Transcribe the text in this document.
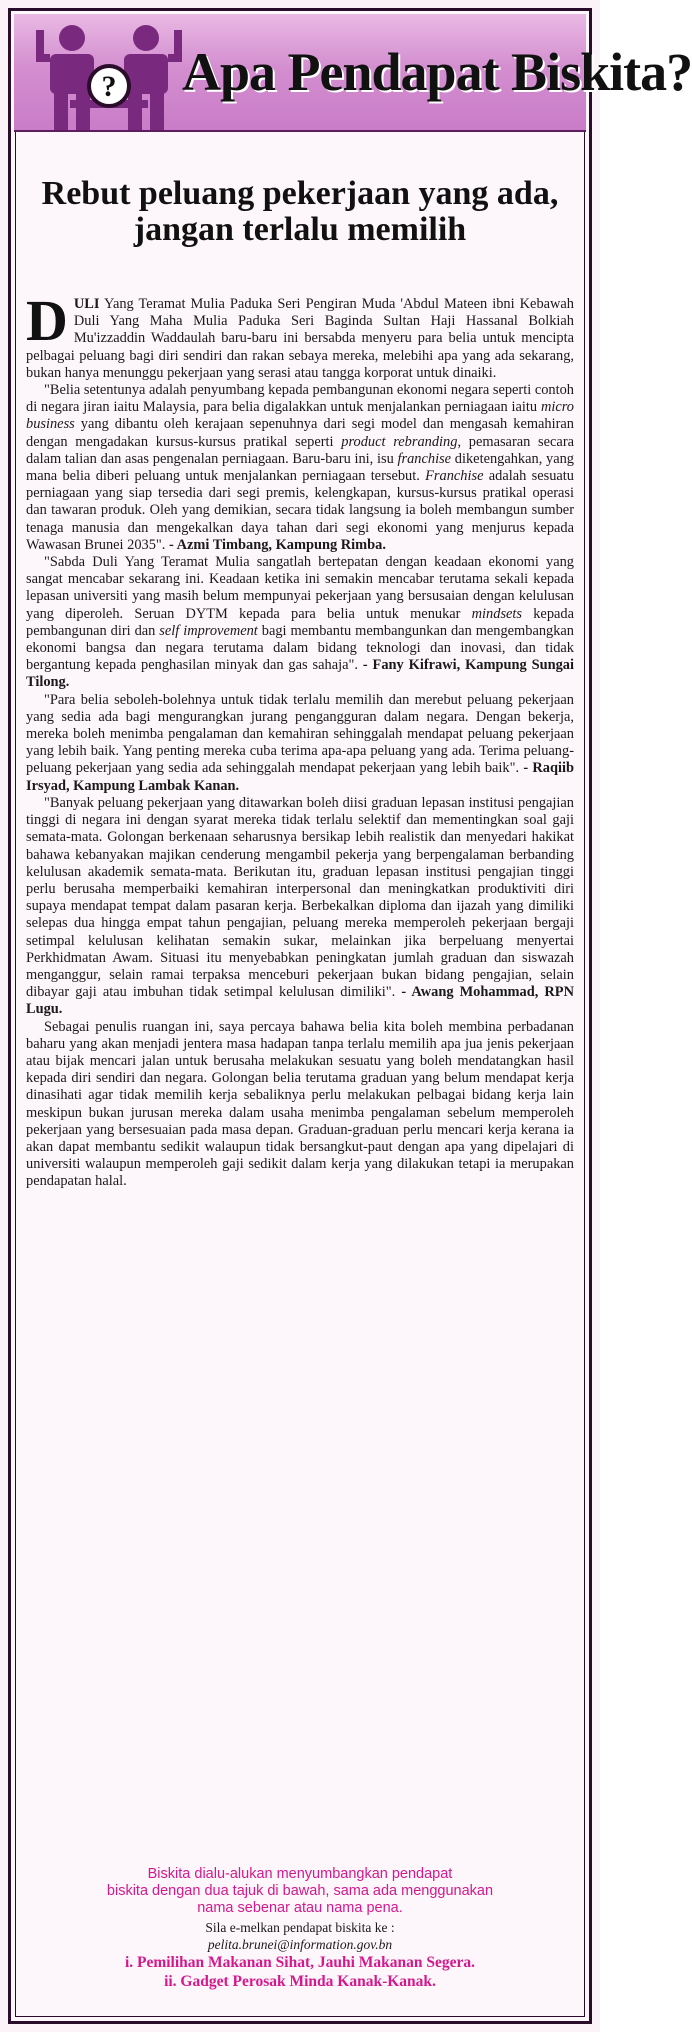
? Apa Pendapat Biskita?
Rebut peluang pekerjaan yang ada, jangan terlalu memilih

DULI Yang Teramat Mulia Paduka Seri Pengiran Muda 'Abdul Mateen ibni Kebawah Duli Yang Maha Mulia Paduka Seri Baginda Sultan Haji Hassanal Bolkiah Mu'izzaddin Waddaulah baru-baru ini bersabda menyeru para belia untuk mencipta pelbagai peluang bagi diri sendiri dan rakan sebaya mereka, melebihi apa yang ada sekarang, bukan hanya menunggu pekerjaan yang serasi atau tangga korporat untuk dinaiki.

"Belia setentunya adalah penyumbang kepada pembangunan ekonomi negara seperti contoh di negara jiran iaitu Malaysia, para belia digalakkan untuk menjalankan perniagaan iaitu micro business yang dibantu oleh kerajaan sepenuhnya dari segi model dan mengasah kemahiran dengan mengadakan kursus-kursus pratikal seperti product rebranding, pemasaran secara dalam talian dan asas pengenalan perniagaan. Baru-baru ini, isu franchise diketengahkan, yang mana belia diberi peluang untuk menjalankan perniagaan tersebut. Franchise adalah sesuatu perniagaan yang siap tersedia dari segi premis, kelengkapan, kursus-kursus pratikal operasi dan tawaran produk. Oleh yang demikian, secara tidak langsung ia boleh membangun sumber tenaga manusia dan mengekalkan daya tahan dari segi ekonomi yang menjurus kepada Wawasan Brunei 2035". - Azmi Timbang, Kampung Rimba.

"Sabda Duli Yang Teramat Mulia sangatlah bertepatan dengan keadaan ekonomi yang sangat mencabar sekarang ini. Keadaan ketika ini semakin mencabar terutama sekali kepada lepasan universiti yang masih belum mempunyai pekerjaan yang bersusaian dengan kelulusan yang diperoleh. Seruan DYTM kepada para belia untuk menukar mindsets kepada pembangunan diri dan self improvement bagi membantu membangunkan dan mengembangkan ekonomi bangsa dan negara terutama dalam bidang teknologi dan inovasi, dan tidak bergantung kepada penghasilan minyak dan gas sahaja". - Fany Kifrawi, Kampung Sungai Tilong.

"Para belia seboleh-bolehnya untuk tidak terlalu memilih dan merebut peluang pekerjaan yang sedia ada bagi mengurangkan jurang pengangguran dalam negara. Dengan bekerja, mereka boleh menimba pengalaman dan kemahiran sehinggalah mendapat peluang pekerjaan yang lebih baik. Yang penting mereka cuba terima apa-apa peluang yang ada. Terima peluang-peluang pekerjaan yang sedia ada sehinggalah mendapat pekerjaan yang lebih baik". - Raqiib Irsyad, Kampung Lambak Kanan.

"Banyak peluang pekerjaan yang ditawarkan boleh diisi graduan lepasan institusi pengajian tinggi di negara ini dengan syarat mereka tidak terlalu selektif dan mementingkan soal gaji semata-mata. Golongan berkenaan seharusnya bersikap lebih realistik dan menyedari hakikat bahawa kebanyakan majikan cenderung mengambil pekerja yang berpengalaman berbanding kelulusan akademik semata-mata. Berikutan itu, graduan lepasan institusi pengajian tinggi perlu berusaha memperbaiki kemahiran interpersonal dan meningkatkan produktiviti diri supaya mendapat tempat dalam pasaran kerja. Berbekalkan diploma dan ijazah yang dimiliki selepas dua hingga empat tahun pengajian, peluang mereka memperoleh pekerjaan bergaji setimpal kelulusan kelihatan semakin sukar, melainkan jika berpeluang menyertai Perkhidmatan Awam. Situasi itu menyebabkan peningkatan jumlah graduan dan siswazah menganggur, selain ramai terpaksa menceburi pekerjaan bukan bidang pengajian, selain dibayar gaji atau imbuhan tidak setimpal kelulusan dimiliki". - Awang Mohammad, RPN Lugu.

Sebagai penulis ruangan ini, saya percaya bahawa belia kita boleh membina perbadanan baharu yang akan menjadi jentera masa hadapan tanpa terlalu memilih apa jua jenis pekerjaan atau bijak mencari jalan untuk berusaha melakukan sesuatu yang boleh mendatangkan hasil kepada diri sendiri dan negara. Golongan belia terutama graduan yang belum mendapat kerja dinasihati agar tidak memilih kerja sebaliknya perlu melakukan pelbagai bidang kerja lain meskipun bukan jurusan mereka dalam usaha menimba pengalaman sebelum memperoleh pekerjaan yang bersesuaian pada masa depan. Graduan-graduan perlu mencari kerja kerana ia akan dapat membantu sedikit walaupun tidak bersangkut-paut dengan apa yang dipelajari di universiti walaupun memperoleh gaji sedikit dalam kerja yang dilakukan tetapi ia merupakan pendapatan halal.

Biskita dialu-alukan menyumbangkan pendapat
biskita dengan dua tajuk di bawah, sama ada menggunakan
nama sebenar atau nama pena.
Sila e-melkan pendapat biskita ke :
pelita.brunei@information.gov.bn
i. Pemilihan Makanan Sihat, Jauhi Makanan Segera.
ii. Gadget Perosak Minda Kanak-Kanak.
